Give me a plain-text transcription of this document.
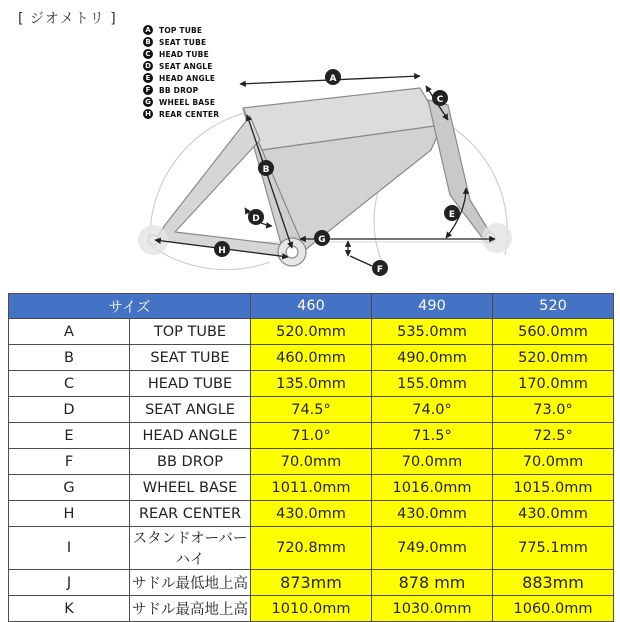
[ ジオメトリ ]
A	TOP TUBE
B	SEAT TUBE
C	HEAD TUBE
D SEAT ANGLE
E	HEAD ANGLE
F	BB DROP
G WHEEL BASE
H REAR CENTER
A
B
C
D	E
F
G
H
サイズ		460	490	520
A	TOP TUBE	520.0mm	535.0mm	560.0mm
B	SEAT TUBE	460.0mm	490.0mm	520.0mm
C	HEAD TUBE	135.0mm	155.0mm	170.0mm
D	SEAT ANGLE	74.5°	74.0°	73.0°
E	HEAD ANGLE	71.0°	71.5°	72.5°
F	BB DROP	70.0mm	70.0mm	70.0mm
G	WHEEL BASE	1011.0mm	1016.0mm	1015.0mm
H	REAR CENTER	430.0mm	430.0mm	430.0mm
I	スタンドオーバーハイ	720.8mm	749.0mm	775.1mm
J	サドル最低地上高	873mm	878 mm	883mm
K	サドル最高地上高	1010.0mm	1030.0mm	1060.0mm
